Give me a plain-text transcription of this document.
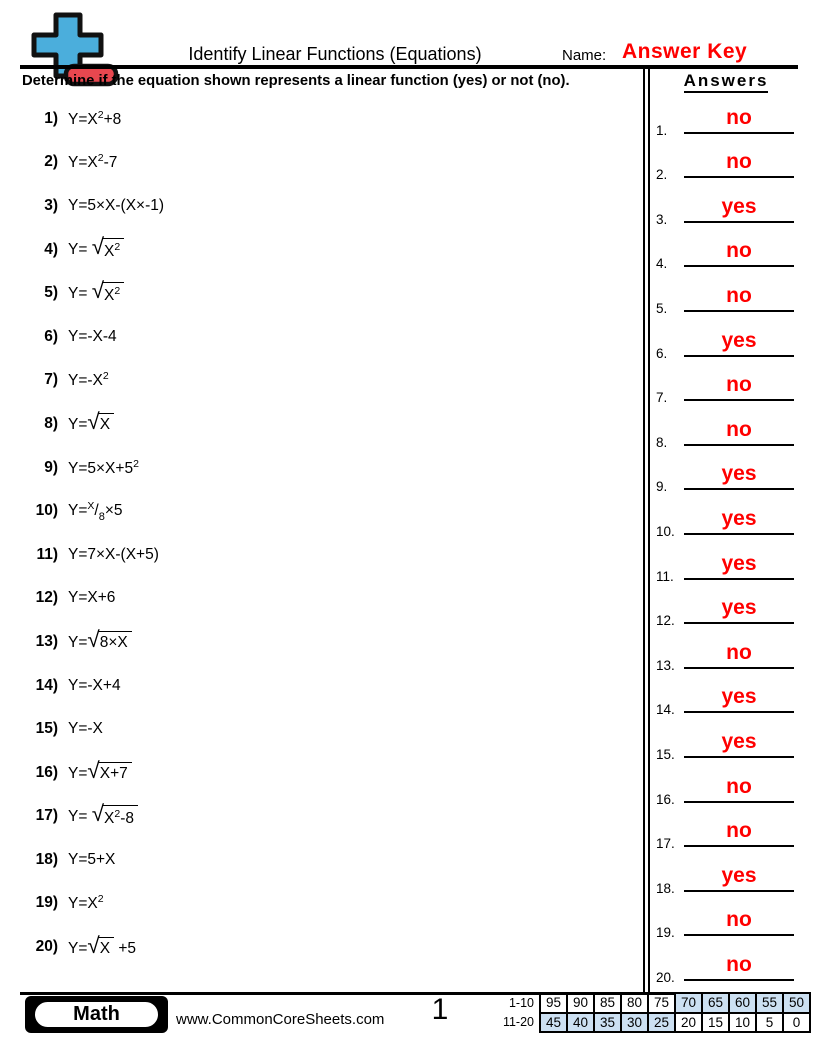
Identify Linear Functions (Equations)	Name: Answer Key
Determine if the equation shown represents a linear function (yes) or not (no).
1) $Y=X^2+8$
2) $Y=X^2-7$
3) Y=5×X-(X×-1)
4) Y= √ $X^2$
5) Y= √ $X^2$
6) Y=-X-4
7) $Y=-X^2$
8) Y= √ X
9) $Y=5\times X+5^2$
10) $Y=^X/_8\times 5$
11) Y=7×X-(X+5)
12) Y=X+6
13) Y= √ 8×X
14) Y=-X+4
15) Y=-X
16) Y= √ X+7
17) Y= √ $X^2-8$
18) Y=5+X
19) $Y=X^2$
20) Y= √ X +5
Answers
1.
no
2.
no
3.
yes
4.
no
5.
no
6.
yes
7.
no
8.
no
9.
yes
10.
yes
11.
yes
12.
yes
13.
no
14.
yes
15.
yes
16.
no
17.
no
18.
yes
19.
no
20.
no
Math	www.CommonCoreSheets.com	1	1-10	95	90	85	80	75	70	65	60	55	50
11-20	45	40	35	30	25	20	15	10	5	0
